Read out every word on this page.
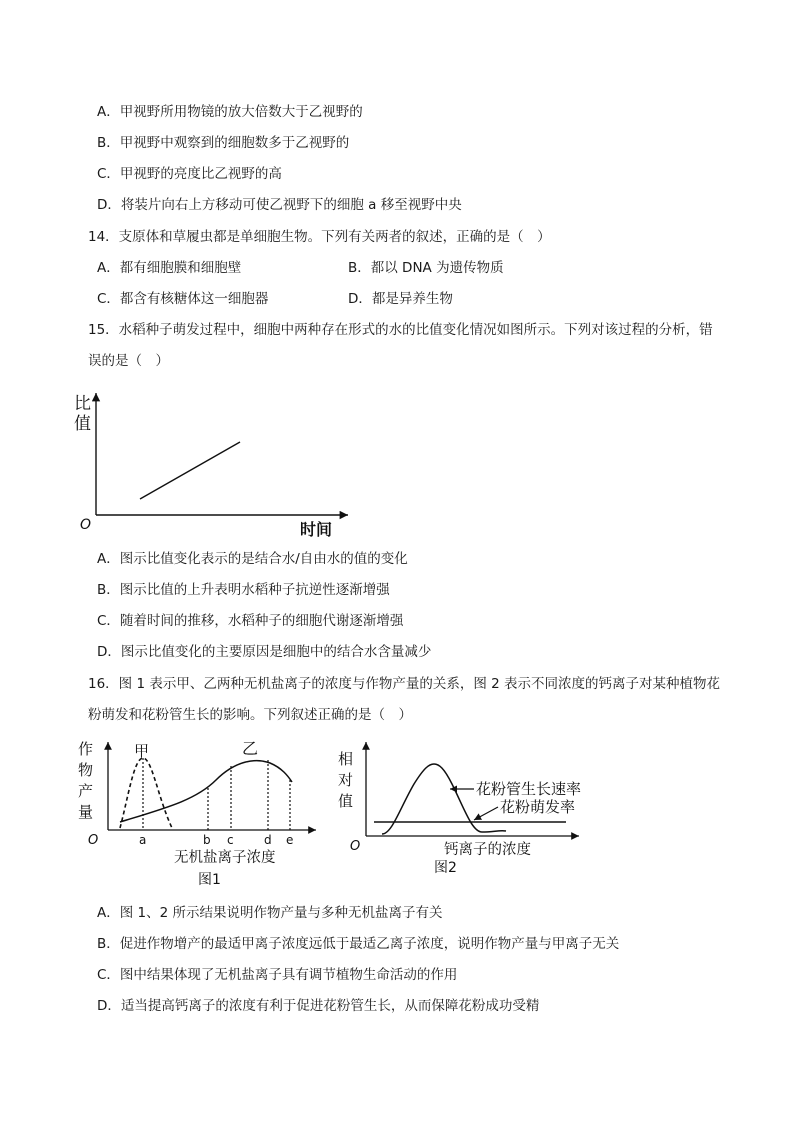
A．甲视野所用物镜的放大倍数大于乙视野的
B．甲视野中观察到的细胞数多于乙视野的
C．甲视野的亮度比乙视野的高
D．将装片向右上方移动可使乙视野下的细胞 a 移至视野中央
14．支原体和草履虫都是单细胞生物。下列有关两者的叙述，正确的是（　）
A．都有细胞膜和细胞壁	B．都以 DNA 为遗传物质
C．都含有核糖体这一细胞器	D．都是异养生物
15．水稻种子萌发过程中，细胞中两种存在形式的水的比值变化情况如图所示。下列对该过程的分析，错
误的是（　）
比
值
O	时间
A．图示比值变化表示的是结合水/自由水的值的变化
B．图示比值的上升表明水稻种子抗逆性逐渐增强
C．随着时间的推移，水稻种子的细胞代谢逐渐增强
D．图示比值变化的主要原因是细胞中的结合水含量减少
16．图 1 表示甲、乙两种无机盐离子的浓度与作物产量的关系，图 2 表示不同浓度的钙离子对某种植物花
粉萌发和花粉管生长的影响。下列叙述正确的是（　）
作
物
产
量
甲	乙
O	a	b c	d e
无机盐离子浓度
图1
相
对
值
花粉管生长速率
花粉萌发率
O	钙离子的浓度
图2
A．图 1、2 所示结果说明作物产量与多种无机盐离子有关
B．促进作物增产的最适甲离子浓度远低于最适乙离子浓度，说明作物产量与甲离子无关
C．图中结果体现了无机盐离子具有调节植物生命活动的作用
D．适当提高钙离子的浓度有利于促进花粉管生长，从而保障花粉成功受精
